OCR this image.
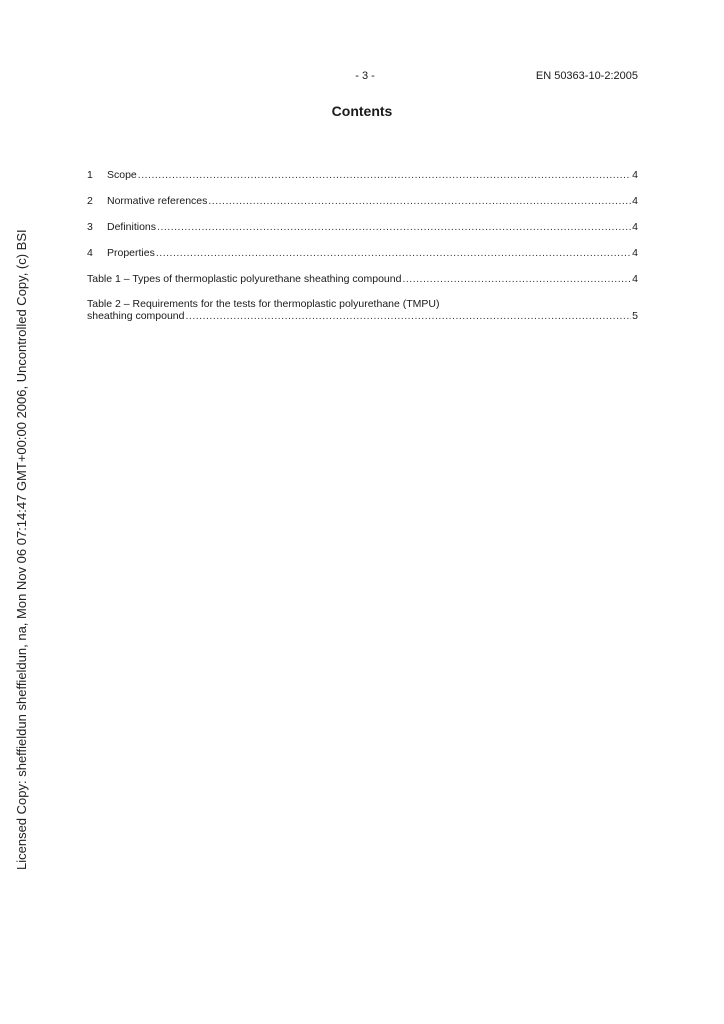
- 3 -	EN 50363-10-2:2005
Contents
1	Scope .....	4
2	Normative references .....	4
3	Definitions .....	4
4	Properties .....	4
Table 1 – Types of thermoplastic polyurethane sheathing compound .....	4
Table 2 – Requirements for the tests for thermoplastic polyurethane (TMPU)
sheathing compound .....	5
Licensed Copy: sheffieldun sheffieldun, na, Mon Nov 06 07:14:47 GMT+00:00 2006, Uncontrolled Copy, (c) BSI
